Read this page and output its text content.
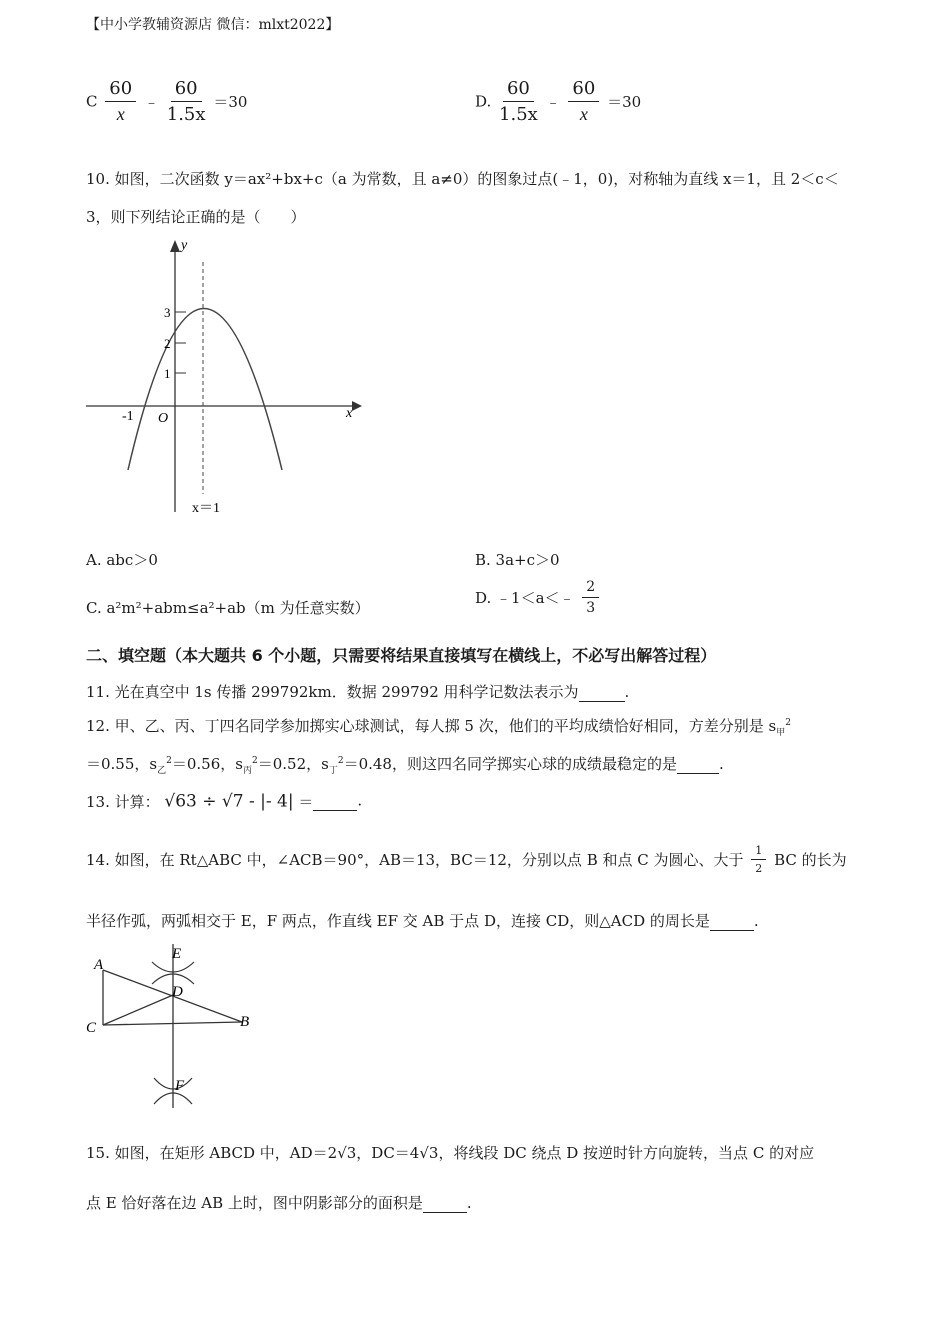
【中小学教辅资源店 微信：mlxt2022】
C $\frac{60}{x}$ ﹣ $\frac{60}{1.5x} =30$	D. $\frac{60}{1.5x}$ ﹣ $\frac{60}{x} =30$
10. 如图，二次函数 y＝ax²+bx+c（a 为常数，且 a≠0）的图象过点(﹣1，0)，对称轴为直线 x＝1，且 2＜c＜
3，则下列结论正确的是（　　）
y
x
O
-1
1
2
3
x＝1
A. abc＞0	B. 3a+c＞0
C. a²m²+abm≤a²+ab（m 为任意实数）
D. ﹣1＜a＜﹣ $\frac{2}{3}$
二、填空题（本大题共 6 个小题，只需要将结果直接填写在横线上，不必写出解答过程）
11. 光在真空中 1s 传播 299792km．数据 299792 用科学记数法表示为	.
12. 甲、乙、丙、丁四名同学参加掷实心球测试，每人掷 5 次，他们的平均成绩恰好相同，方差分别是 $s_甲^2$
＝0.55，$s_乙^2=0.56$，$s_丙^2=0.52$，$s_丁^2=0.48$，则这四名同学掷实心球的成绩最稳定的是	.
13. 计算： √63 ÷ √7 - |- 4| ＝	.
14. 如图，在 Rt△ABC 中，∠ACB＝90°，AB＝13，BC＝12，分别以点 B 和点 C 为圆心、大于 $\frac{1}{2}$ BC 的长为
半径作弧，两弧相交于 E，F 两点，作直线 EF 交 AB 于点 D，连接 CD，则△ACD 的周长是	.
A
C	B
D
E
F
15. 如图，在矩形 ABCD 中，AD＝2√3，DC＝4√3，将线段 DC 绕点 D 按逆时针方向旋转，当点 C 的对应
点 E 恰好落在边 AB 上时，图中阴影部分的面积是	.
